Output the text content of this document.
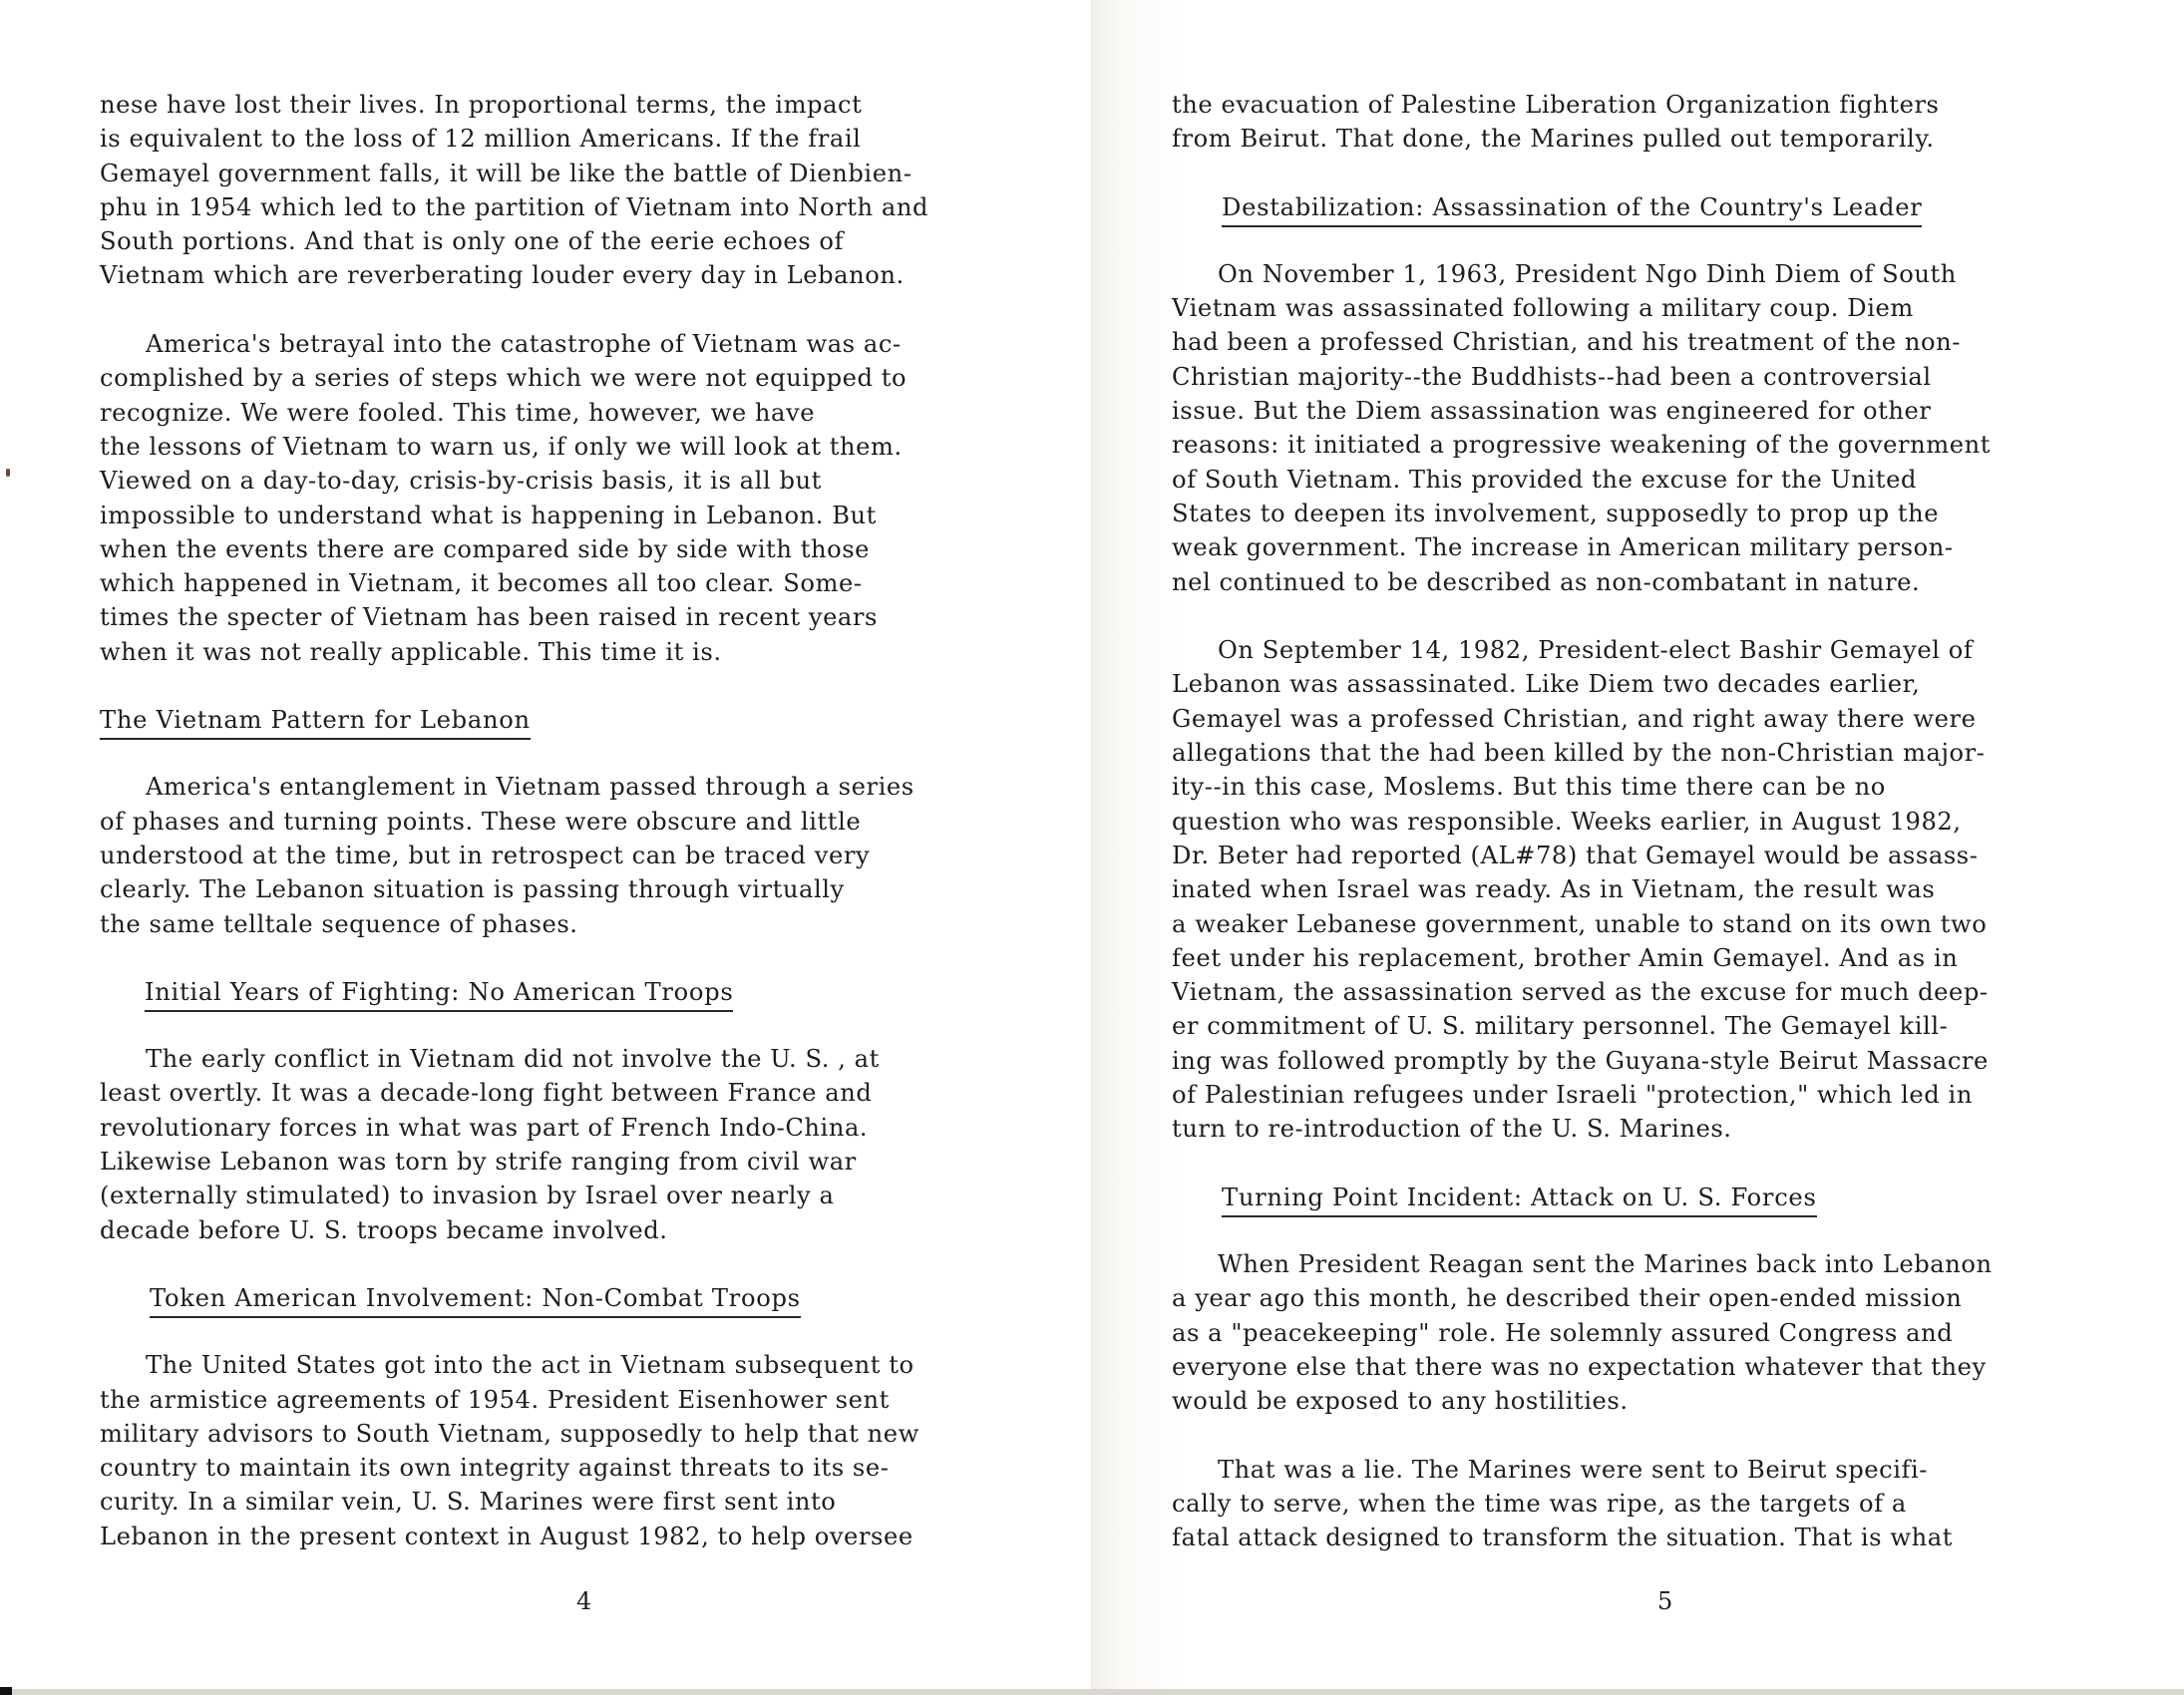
nese have lost their lives. In proportional terms, the impact
is equivalent to the loss of 12 million Americans. If the frail
Gemayel government falls, it will be like the battle of Dienbien-
phu in 1954 which led to the partition of Vietnam into North and
South portions. And that is only one of the eerie echoes of
Vietnam which are reverberating louder every day in Lebanon.

America's betrayal into the catastrophe of Vietnam was ac-
complished by a series of steps which we were not equipped to
recognize. We were fooled. This time, however, we have
the lessons of Vietnam to warn us, if only we will look at them.
Viewed on a day-to-day, crisis-by-crisis basis, it is all but
impossible to understand what is happening in Lebanon. But
when the events there are compared side by side with those
which happened in Vietnam, it becomes all too clear. Some-
times the specter of Vietnam has been raised in recent years
when it was not really applicable. This time it is.

The Vietnam Pattern for Lebanon

America's entanglement in Vietnam passed through a series
of phases and turning points. These were obscure and little
understood at the time, but in retrospect can be traced very
clearly. The Lebanon situation is passing through virtually
the same telltale sequence of phases.

Initial Years of Fighting: No American Troops

The early conflict in Vietnam did not involve the U. S. , at
least overtly. It was a decade-long fight between France and
revolutionary forces in what was part of French Indo-China.
Likewise Lebanon was torn by strife ranging from civil war
(externally stimulated) to invasion by Israel over nearly a
decade before U. S. troops became involved.

Token American Involvement: Non-Combat Troops

The United States got into the act in Vietnam subsequent to
the armistice agreements of 1954. President Eisenhower sent
military advisors to South Vietnam, supposedly to help that new
country to maintain its own integrity against threats to its se-
curity. In a similar vein, U. S. Marines were first sent into
Lebanon in the present context in August 1982, to help oversee

4

the evacuation of Palestine Liberation Organization fighters
from Beirut. That done, the Marines pulled out temporarily.

Destabilization: Assassination of the Country's Leader

On November 1, 1963, President Ngo Dinh Diem of South
Vietnam was assassinated following a military coup. Diem
had been a professed Christian, and his treatment of the non-
Christian majority--the Buddhists--had been a controversial
issue. But the Diem assassination was engineered for other
reasons: it initiated a progressive weakening of the government
of South Vietnam. This provided the excuse for the United
States to deepen its involvement, supposedly to prop up the
weak government. The increase in American military person-
nel continued to be described as non-combatant in nature.

On September 14, 1982, President-elect Bashir Gemayel of
Lebanon was assassinated. Like Diem two decades earlier,
Gemayel was a professed Christian, and right away there were
allegations that the had been killed by the non-Christian major-
ity--in this case, Moslems. But this time there can be no
question who was responsible. Weeks earlier, in August 1982,
Dr. Beter had reported (AL#78) that Gemayel would be assass-
inated when Israel was ready. As in Vietnam, the result was
a weaker Lebanese government, unable to stand on its own two
feet under his replacement, brother Amin Gemayel. And as in
Vietnam, the assassination served as the excuse for much deep-
er commitment of U. S. military personnel. The Gemayel kill-
ing was followed promptly by the Guyana-style Beirut Massacre
of Palestinian refugees under Israeli "protection," which led in
turn to re-introduction of the U. S. Marines.

Turning Point Incident: Attack on U. S. Forces

When President Reagan sent the Marines back into Lebanon
a year ago this month, he described their open-ended mission
as a "peacekeeping" role. He solemnly assured Congress and
everyone else that there was no expectation whatever that they
would be exposed to any hostilities.

That was a lie. The Marines were sent to Beirut specifi-
cally to serve, when the time was ripe, as the targets of a
fatal attack designed to transform the situation. That is what

5
